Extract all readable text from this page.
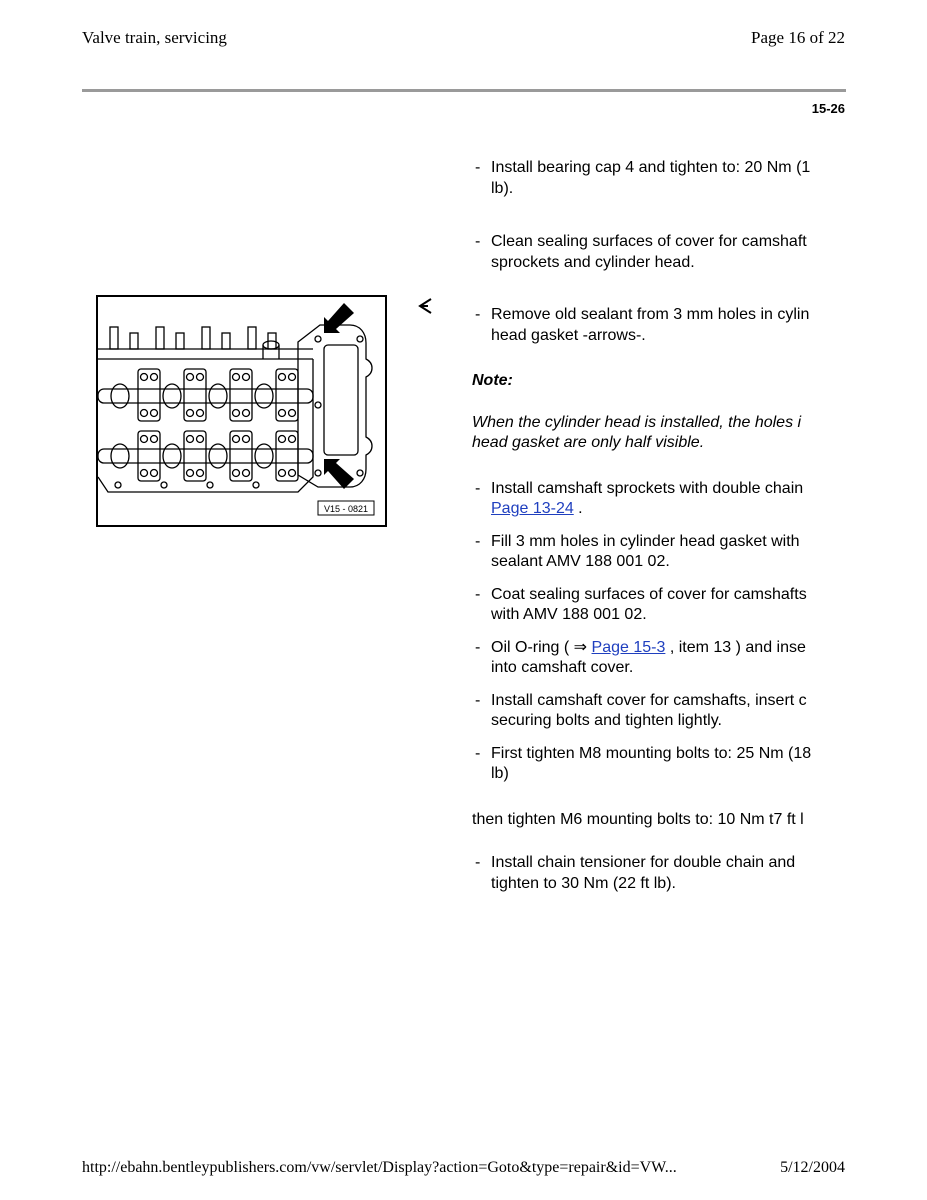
Valve train, servicing	Page 16 of 22
15-26
V15 - 0821
- Install bearing cap 4 and tighten to: 20 Nm (1
lb).
- Clean sealing surfaces of cover for camshaft
sprockets and cylinder head.
- Remove old sealant from 3 mm holes in cylin
head gasket -arrows-.
Note:
When the cylinder head is installed, the holes i
head gasket are only half visible.
- Install camshaft sprockets with double chain
Page 13-24 .
- Fill 3 mm holes in cylinder head gasket with
sealant AMV 188 001 02.
- Coat sealing surfaces of cover for camshafts
with AMV 188 001 02.
- Oil O-ring ( ⇒ Page 15-3 , item 13 ) and inse
into camshaft cover.
- Install camshaft cover for camshafts, insert c
securing bolts and tighten lightly.
- First tighten M8 mounting bolts to: 25 Nm (18
lb)
then tighten M6 mounting bolts to: 10 Nm t7 ft l
- Install chain tensioner for double chain and
tighten to 30 Nm (22 ft lb).
http://ebahn.bentleypublishers.com/vw/servlet/Display?action=Goto&type=repair&id=VW...	5/12/2004
